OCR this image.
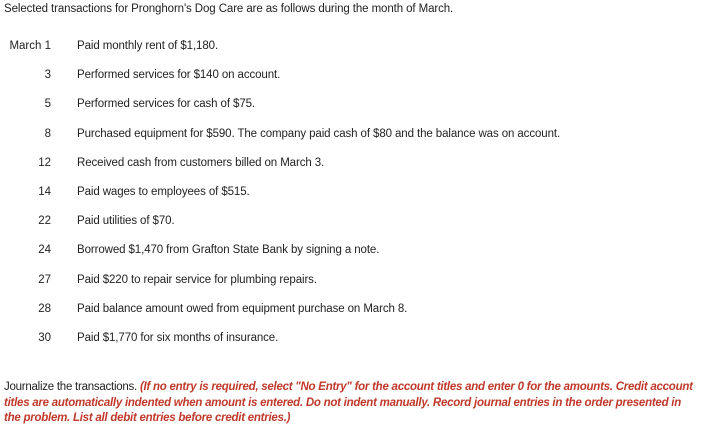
Selected transactions for Pronghorn's Dog Care are as follows during the month of March.
March 1 Paid monthly rent of $1,180.
3 Performed services for $140 on account.
5 Performed services for cash of $75.
8 Purchased equipment for $590. The company paid cash of $80 and the balance was on account.
12 Received cash from customers billed on March 3.
14 Paid wages to employees of $515.
22 Paid utilities of $70.
24 Borrowed $1,470 from Grafton State Bank by signing a note.
27 Paid $220 to repair service for plumbing repairs.
28 Paid balance amount owed from equipment purchase on March 8.
30 Paid $1,770 for six months of insurance.
Journalize the transactions. (If no entry is required, select "No Entry" for the account titles and enter 0 for the amounts. Credit account titles are automatically indented when amount is entered. Do not indent manually. Record journal entries in the order presented in the problem. List all debit entries before credit entries.)
